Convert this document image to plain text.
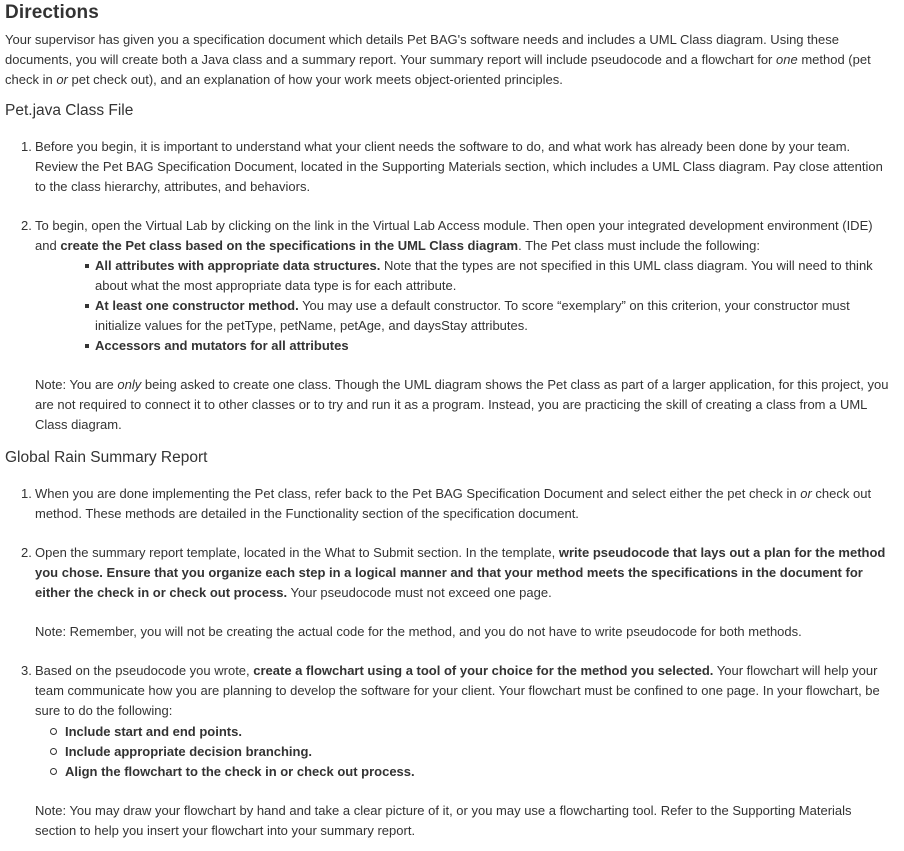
Directions

Your supervisor has given you a specification document which details Pet BAG's software needs and includes a UML Class diagram. Using these documents, you will create both a Java class and a summary report. Your summary report will include pseudocode and a flowchart for one method (pet check in or pet check out), and an explanation of how your work meets object-oriented principles.

Pet.java Class File
1. Before you begin, it is important to understand what your client needs the software to do, and what work has already been done by your team. Review the Pet BAG Specification Document, located in the Supporting Materials section, which includes a UML Class diagram. Pay close attention to the class hierarchy, attributes, and behaviors.
2. To begin, open the Virtual Lab by clicking on the link in the Virtual Lab Access module. Then open your integrated development environment (IDE) and create the Pet class based on the specifications in the UML Class diagram. The Pet class must include the following:
All attributes with appropriate data structures. Note that the types are not specified in this UML class diagram. You will need to think about what the most appropriate data type is for each attribute.
At least one constructor method. You may use a default constructor. To score “exemplary” on this criterion, your constructor must initialize values for the petType, petName, petAge, and daysStay attributes.
Accessors and mutators for all attributes
Note: You are only being asked to create one class. Though the UML diagram shows the Pet class as part of a larger application, for this project, you are not required to connect it to other classes or to try and run it as a program. Instead, you are practicing the skill of creating a class from a UML Class diagram.
Global Rain Summary Report
1. When you are done implementing the Pet class, refer back to the Pet BAG Specification Document and select either the pet check in or check out method. These methods are detailed in the Functionality section of the specification document.
2. Open the summary report template, located in the What to Submit section. In the template, write pseudocode that lays out a plan for the method you chose. Ensure that you organize each step in a logical manner and that your method meets the specifications in the document for either the check in or check out process. Your pseudocode must not exceed one page.
Note: Remember, you will not be creating the actual code for the method, and you do not have to write pseudocode for both methods.
3. Based on the pseudocode you wrote, create a flowchart using a tool of your choice for the method you selected. Your flowchart will help your team communicate how you are planning to develop the software for your client. Your flowchart must be confined to one page. In your flowchart, be sure to do the following:
Include start and end points.
Include appropriate decision branching.
Align the flowchart to the check in or check out process.
Note: You may draw your flowchart by hand and take a clear picture of it, or you may use a flowcharting tool. Refer to the Supporting Materials section to help you insert your flowchart into your summary report.
